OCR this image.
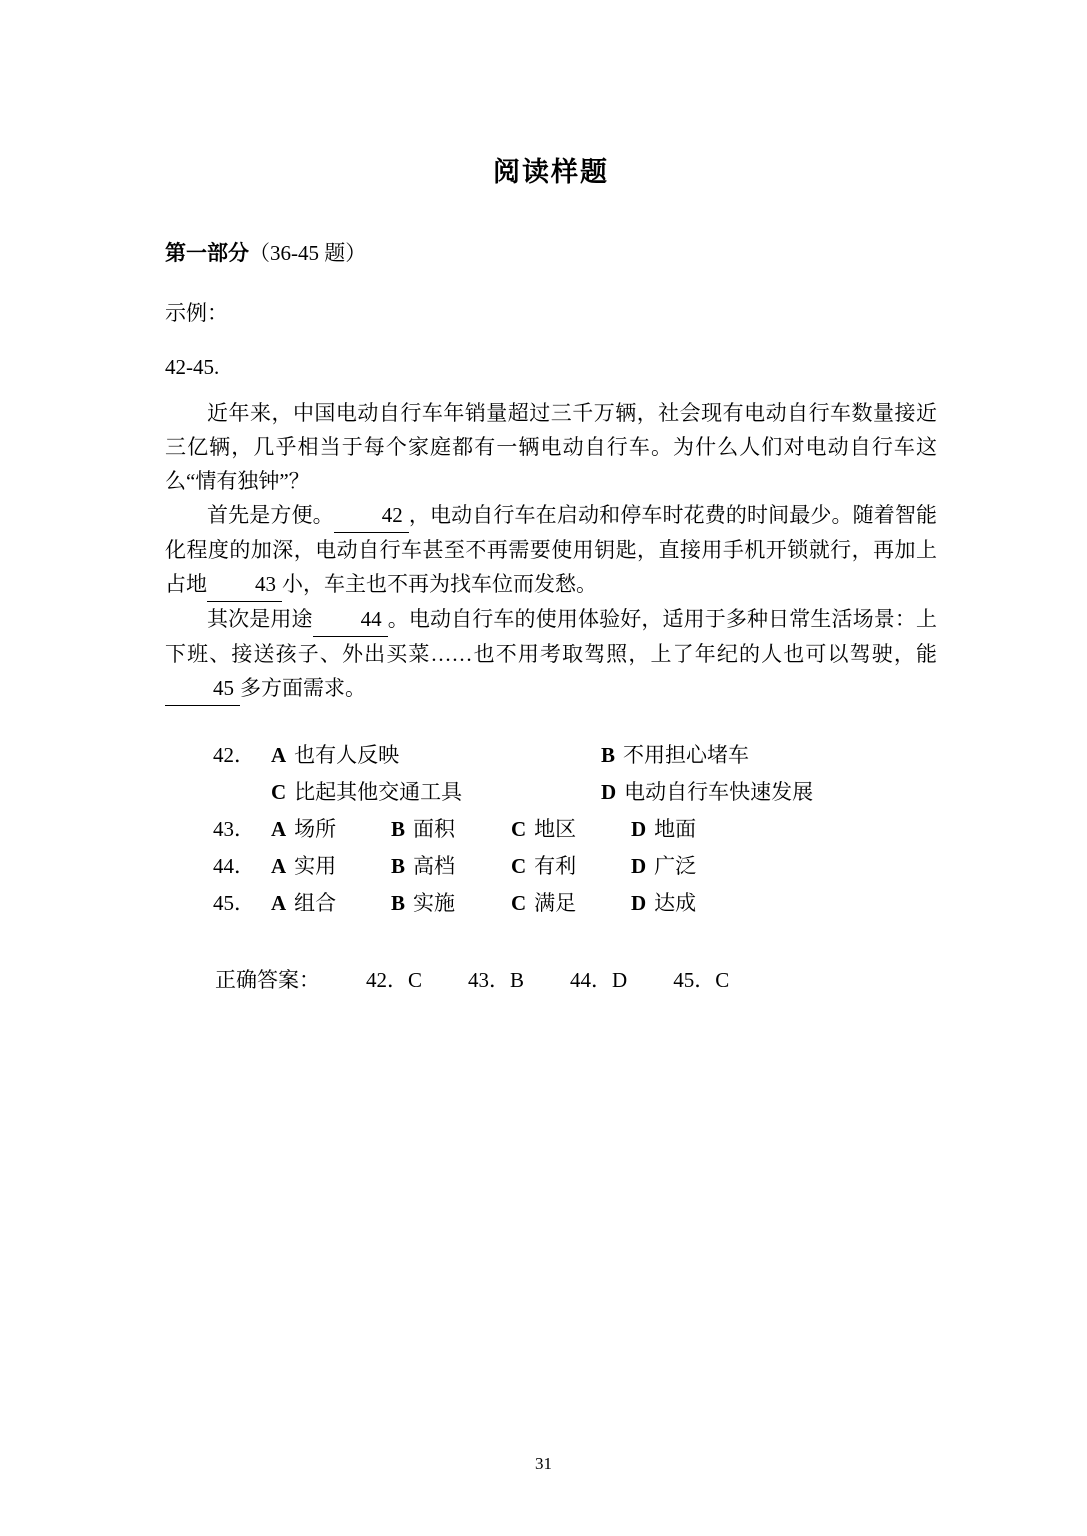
阅读样题
第一部分（36-45 题）
示例：
42-45.

近年来，中国电动自行车年销量超过三千万辆，社会现有电动自行车数量接近三亿辆，几乎相当于每个家庭都有一辆电动自行车。为什么人们对电动自行车这么“情有独钟”？

首先是方便。 42 ，电动自行车在启动和停车时花费的时间最少。随着智能化程度的加深，电动自行车甚至不再需要使用钥匙，直接用手机开锁就行，再加上占地 43 小，车主也不再为找车位而发愁。

其次是用途 44 。电动自行车的使用体验好，适用于多种日常生活场景：上下班、接送孩子、外出买菜……也不用考取驾照，上了年纪的人也可以驾驶，能45 多方面需求。

42． A 也有人反映	B 不用担心堵车
C 比起其他交通工具	D 电动自行车快速发展
43． A 场所	B 面积	C 地区	D 地面
44． A 实用	B 高档	C 有利	D 广泛
45． A 组合	B 实施	C 满足	D 达成
正确答案： 42．C 43．B 44．D 45．C
31
